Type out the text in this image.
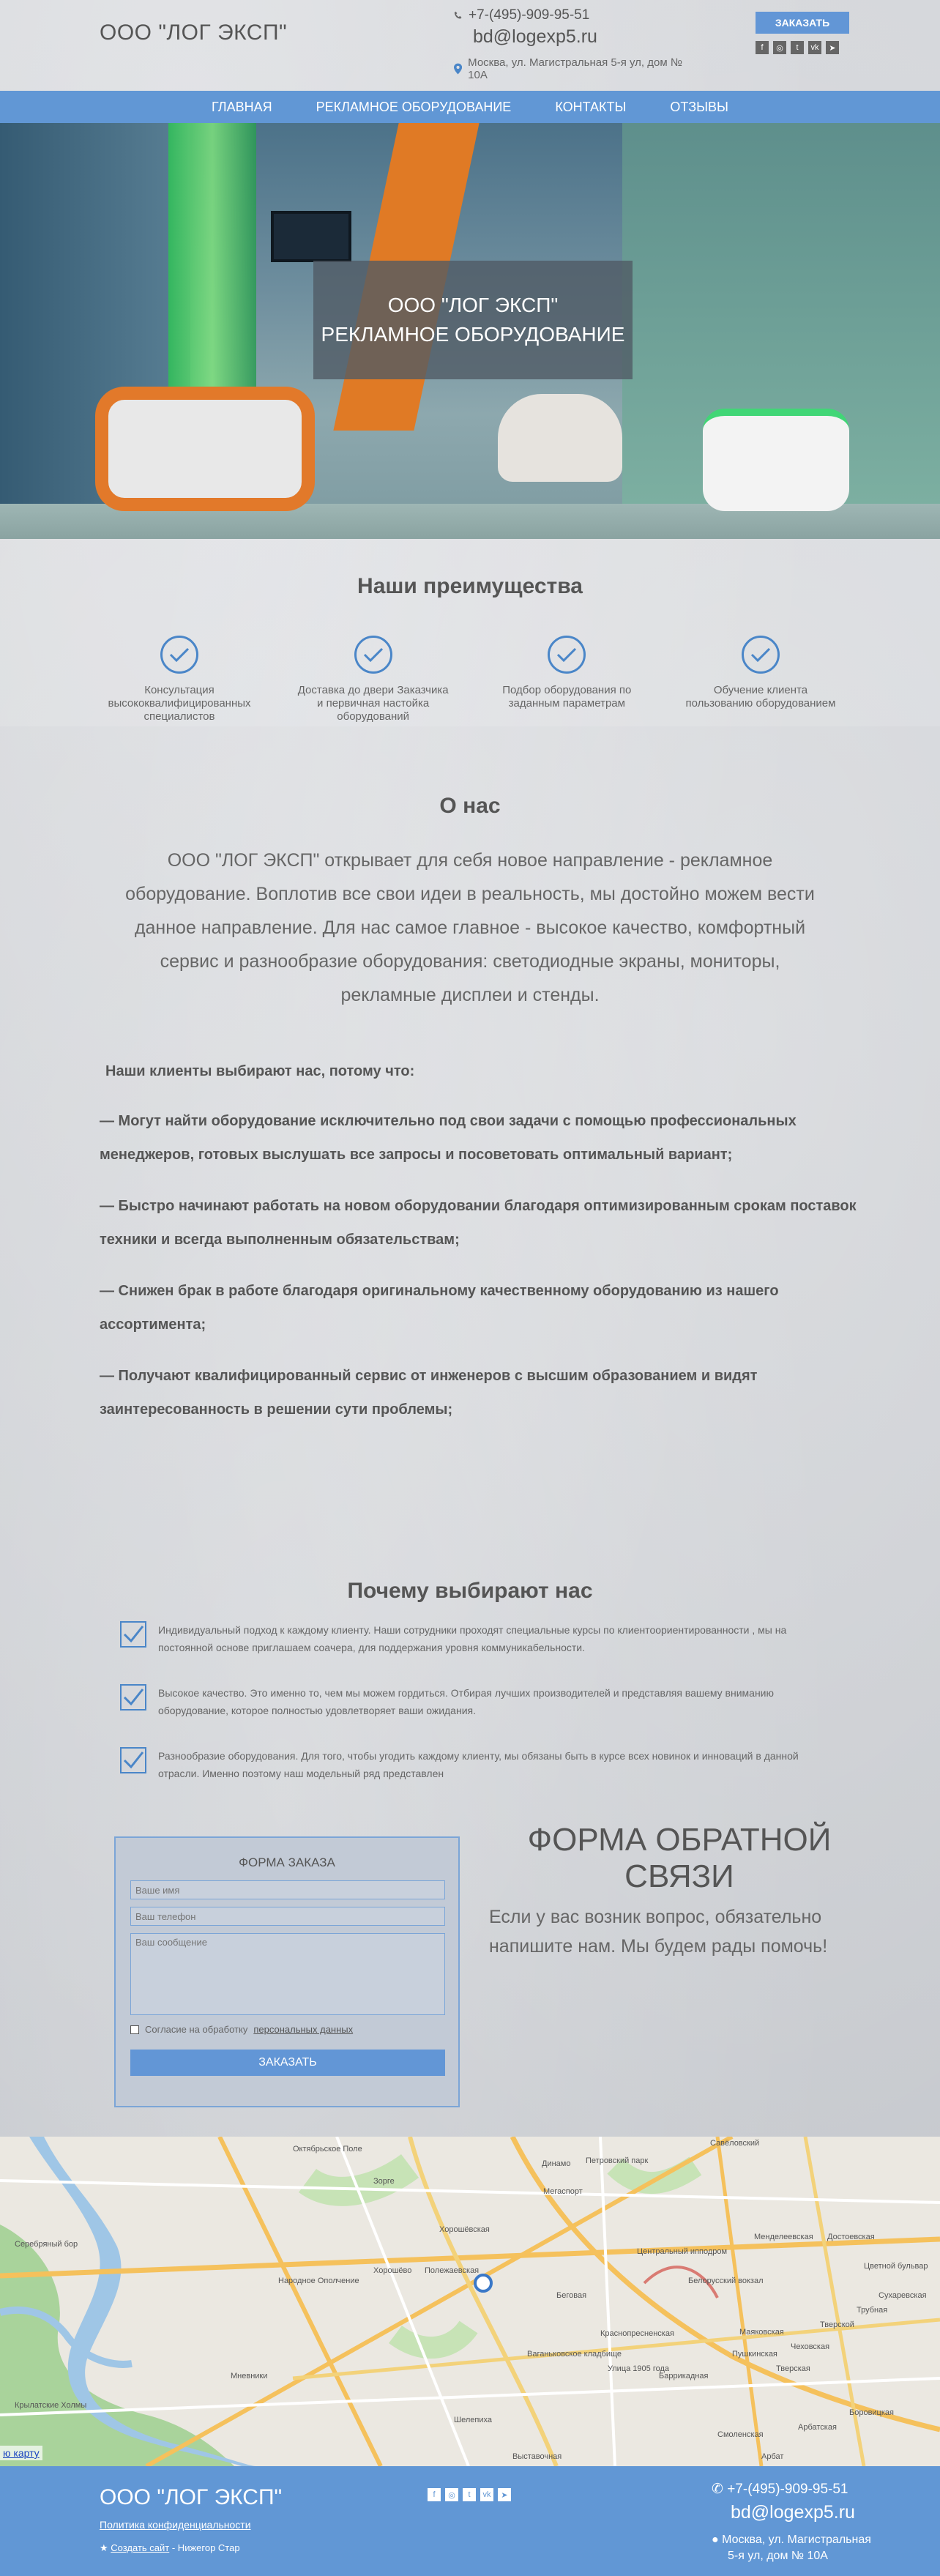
ООО "ЛОГ ЭКСП"
+7-(495)-909-95-51
bd@logexp5.ru
Москва, ул. Магистральная 5-я ул, дом № 10А
ЗАКАЗАТЬ
f	◎	t	vk	➤
ГЛАВНАЯ	РЕКЛАМНОЕ ОБОРУДОВАНИЕ	КОНТАКТЫ	ОТЗЫВЫ
ООО "ЛОГ ЭКСП"
РЕКЛАМНОЕ ОБОРУДОВАНИЕ
Наши преимущества
Консультация высококвалифицированных специалистов
Доставка до двери Заказчика и первичная настойка оборудований
Подбор оборудования по заданным параметрам
Обучение клиента пользованию оборудованием
О нас

ООО "ЛОГ ЭКСП" открывает для себя новое направление - рекламное оборудование. Воплотив все свои идеи в реальность, мы достойно можем вести данное направление. Для нас самое главное - высокое качество, комфортный сервис и разнообразие оборудования: светодиодные экраны, мониторы, рекламные дисплеи и стенды.

Наши клиенты выбирают нас, потому что:

— Могут найти оборудование исключительно под свои задачи с помощью профессиональных менеджеров, готовых выслушать все запросы и посоветовать оптимальный вариант;

— Быстро начинают работать на новом оборудовании благодаря оптимизированным срокам поставок техники и всегда выполненным обязательствам;

— Снижен брак в работе благодаря оригинальному качественному оборудованию из нашего ассортимента;

— Получают квалифицированный сервис от инженеров с высшим образованием и видят заинтересованность в решении сути проблемы;

Почему выбирают нас
Индивидуальный подход к каждому клиенту. Наши сотрудники проходят специальные курсы по клиентоориентированности , мы на постоянной основе приглашаем coaчера, для поддержания уровня коммуникабельности.
Высокое качество. Это именно то, чем мы можем гордиться. Отбирая лучших производителей и представляя вашему вниманию оборудование, которое полностью удовлетворяет ваши ожидания.
Разнообразие оборудования. Для того, чтобы угодить каждому клиенту, мы обязаны быть в курсе всех новинок и инноваций в данной отрасли. Именно поэтому наш модельный ряд представлен
ФОРМА ЗАКАЗА
Ваше имя
Ваш телефон
Ваш сообщение
Согласие на обработку персональных данных
ЗАКАЗАТЬ
ФОРМА ОБРАТНОЙ СВЯЗИ
Если у вас возник вопрос, обязательно напишите нам. Мы будем рады помочь!
Октябрьское Поле
Зорге
Хорошёвская
Хорошёво
Народное Ополчение
Полежаевская
Беговая
Мневники
Крылатские Холмы
Серебряный бор
Мегаспорт
Центральный ипподром
Белорусский вокзал
Динамо Петровский парк
Савёловский
Менделеевская Достоевская
Тверская
Маяковская
Пушкинская
Краснопресненская
Баррикадная
Улица 1905 года
Ваганьковское кладбище
Шелепиха
Выставочная
Арбатская
Смоленская
Боровицкая
Тверской
Арбат
Сухаревская
Цветной бульвар
Трубная
Чеховская
ю карту
ООО "ЛОГ ЭКСП"
Политика конфиденциальности
★ Создать сайт - Нижегор Стар
f	◎	t	vk	➤	✆ +7-(495)-909-95-51
bd@logexp5.ru
● Москва, ул. Магистральная
5-я ул, дом № 10А
